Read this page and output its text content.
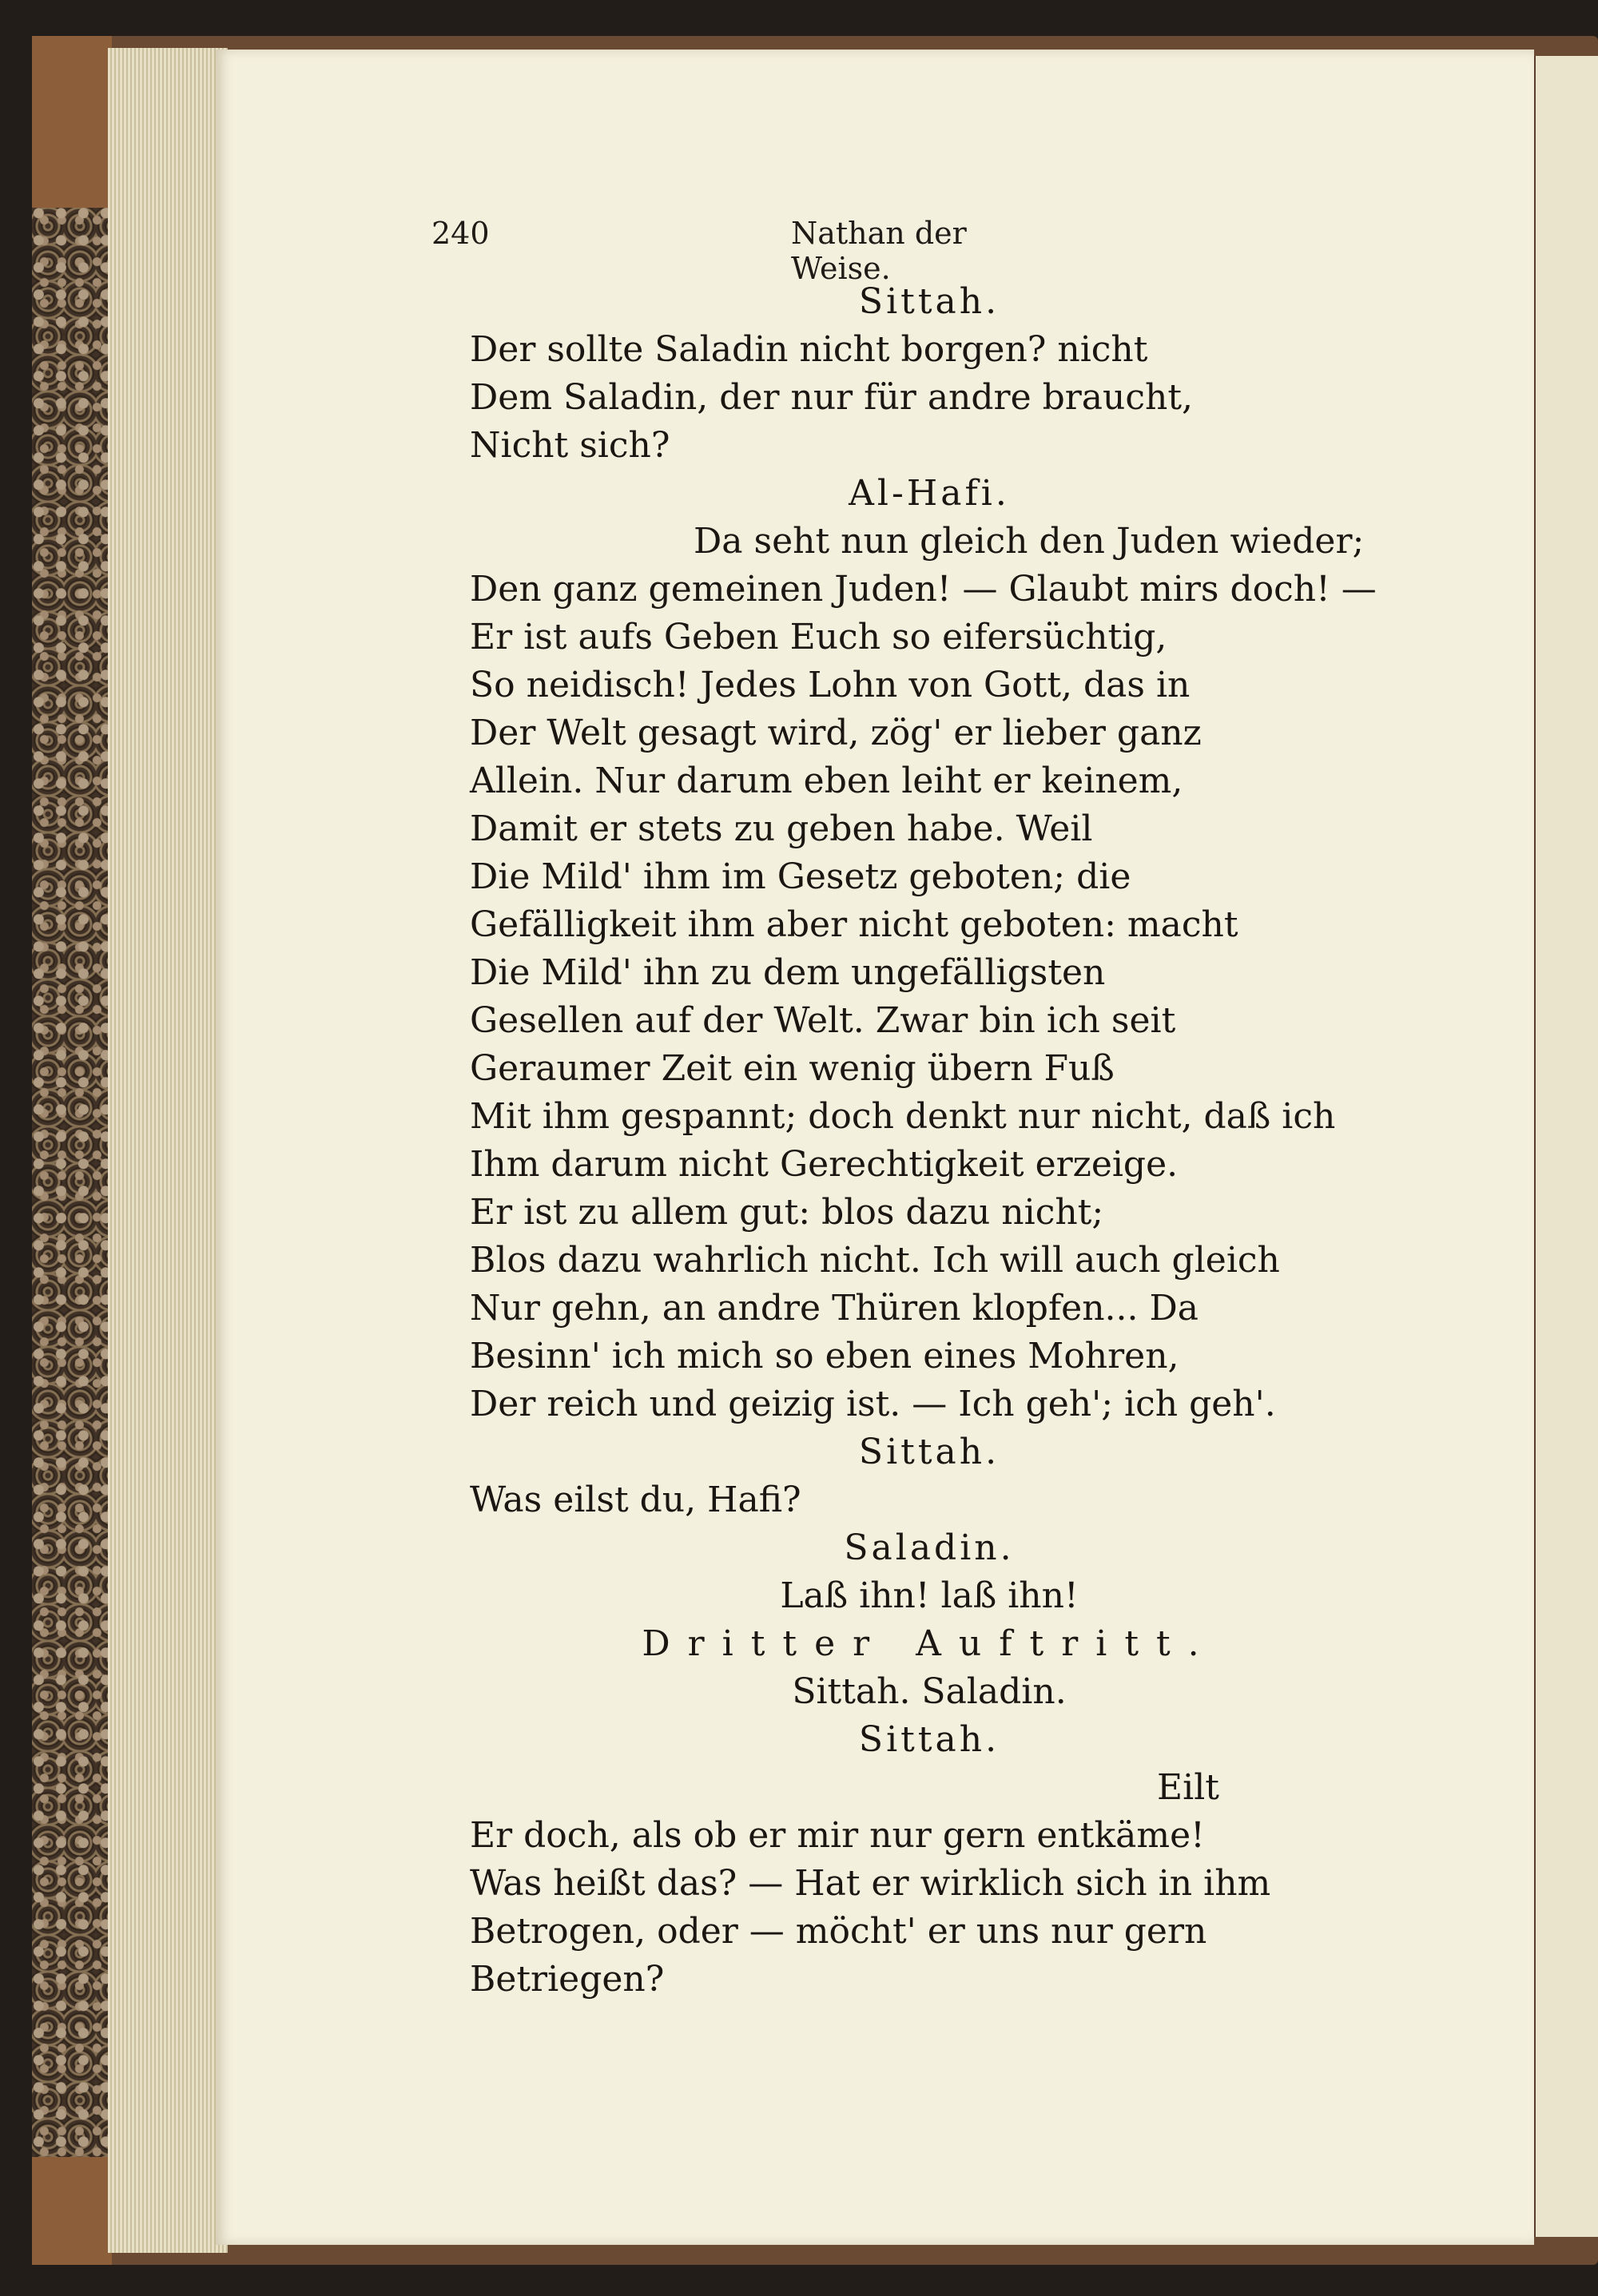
240	Nathan der Weise.
Sittah.
Der sollte Saladin nicht borgen? nicht
Dem Saladin, der nur für andre braucht,
Nicht sich?
Al-Hafi.
Da seht nun gleich den Juden wieder;
Den ganz gemeinen Juden! — Glaubt mirs doch! —
Er ist aufs Geben Euch so eifersüchtig,
So neidisch! Jedes Lohn von Gott, das in
Der Welt gesagt wird, zög' er lieber ganz
Allein. Nur darum eben leiht er keinem,
Damit er stets zu geben habe. Weil
Die Mild' ihm im Gesetz geboten; die
Gefälligkeit ihm aber nicht geboten: macht
Die Mild' ihn zu dem ungefälligsten
Gesellen auf der Welt. Zwar bin ich seit
Geraumer Zeit ein wenig übern Fuß
Mit ihm gespannt; doch denkt nur nicht, daß ich
Ihm darum nicht Gerechtigkeit erzeige.
Er ist zu allem gut: blos dazu nicht;
Blos dazu wahrlich nicht. Ich will auch gleich
Nur gehn, an andre Thüren klopfen... Da
Besinn' ich mich so eben eines Mohren,
Der reich und geizig ist. — Ich geh'; ich geh'.
Sittah.
Was eilst du, Hafi?
Saladin.
Laß ihn! laß ihn!
Dritter Auftritt.
Sittah. Saladin.
Sittah.
Eilt
Er doch, als ob er mir nur gern entkäme!
Was heißt das? — Hat er wirklich sich in ihm
Betrogen, oder — möcht' er uns nur gern
Betriegen?
